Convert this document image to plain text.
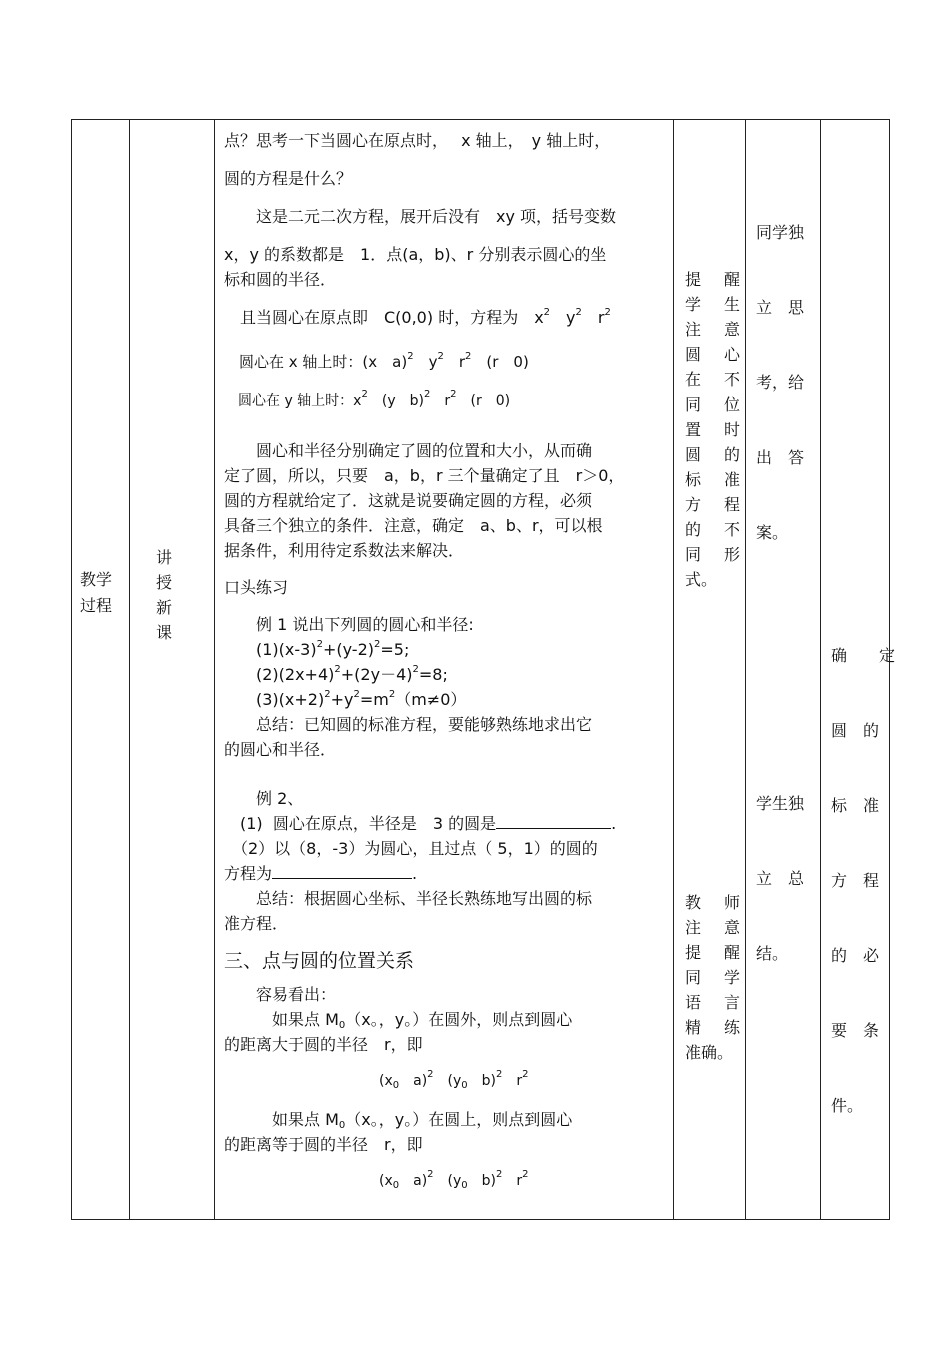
教学过程
讲
授
新
课

点？思考一下当圆心在原点时，　 x 轴上，　y 轴上时，

圆的方程是什么？

　　这是二元二次方程，展开后没有　xy 项，括号变数

x，y 的系数都是　1．点(a，b)、r 分别表示圆心的坐

标和圆的半径．

　且当圆心在原点即　C(0,0) 时，方程为　$x^2$　$y^2$　$r^2$

　圆心在 x 轴上时：(x　a)$^2$　$y^2$　$r^2$　(r　0)

　圆心在 y 轴上时：$x^2$　(y　b)$^2$　$r^2$　(r　0)

　　圆心和半径分别确定了圆的位置和大小，从而确

定了圆，所以，只要　a，b，r 三个量确定了且　r＞0，

圆的方程就给定了．这就是说要确定圆的方程，必须

具备三个独立的条件．注意，确定　a、b、r，可以根

据条件，利用待定系数法来解决．

口头练习

　　例 1 说出下列圆的圆心和半径:

　　$(1)(x-3)^2+(y-2)^2=5$;

　　$(2)(2x+4)^2+(2y-4)^2=8$;

　　$(3)(x+2)^2+y^2=m^2(m\ne 0)$

　　总结：已知圆的标准方程，要能够熟练地求出它

的圆心和半径．

　　例 2、

　(1)  圆心在原点，半径是　3 的圆是	.

　（2）以（8，-3）为圆心，且过点（ 5，1）的圆的

方程为	.

　　总结：根据圆心坐标、半径长熟练地写出圆的标

准方程．

三、点与圆的位置关系

　　容易看出：

　　　如果点 $M_0(x$。，y。）在圆外，则点到圆心

的距离大于圆的半径　r，即

($x_0$　a)$^2$　($y_0$　b)$^2$　$r^2$

　　　如果点 $M_0(x$。，y。）在圆上，则点到圆心

的距离等于圆的半径　r，即

($x_0$　a)$^2$　($y_0$　b)$^2$　$r^2$

提 醒
学 生
注 意
圆 心
在 不
同 位
置 时
圆 的
标 准
方 程
的 不
同 形
式。
教 师
注 意
提 醒
同 学
语 言
精 练
准确。

同学独

立　思

考，给

出　答

案。

学生独

立　总

结。

确　　定

圆　的

标　准

方　程

的　必

要　条

件。
